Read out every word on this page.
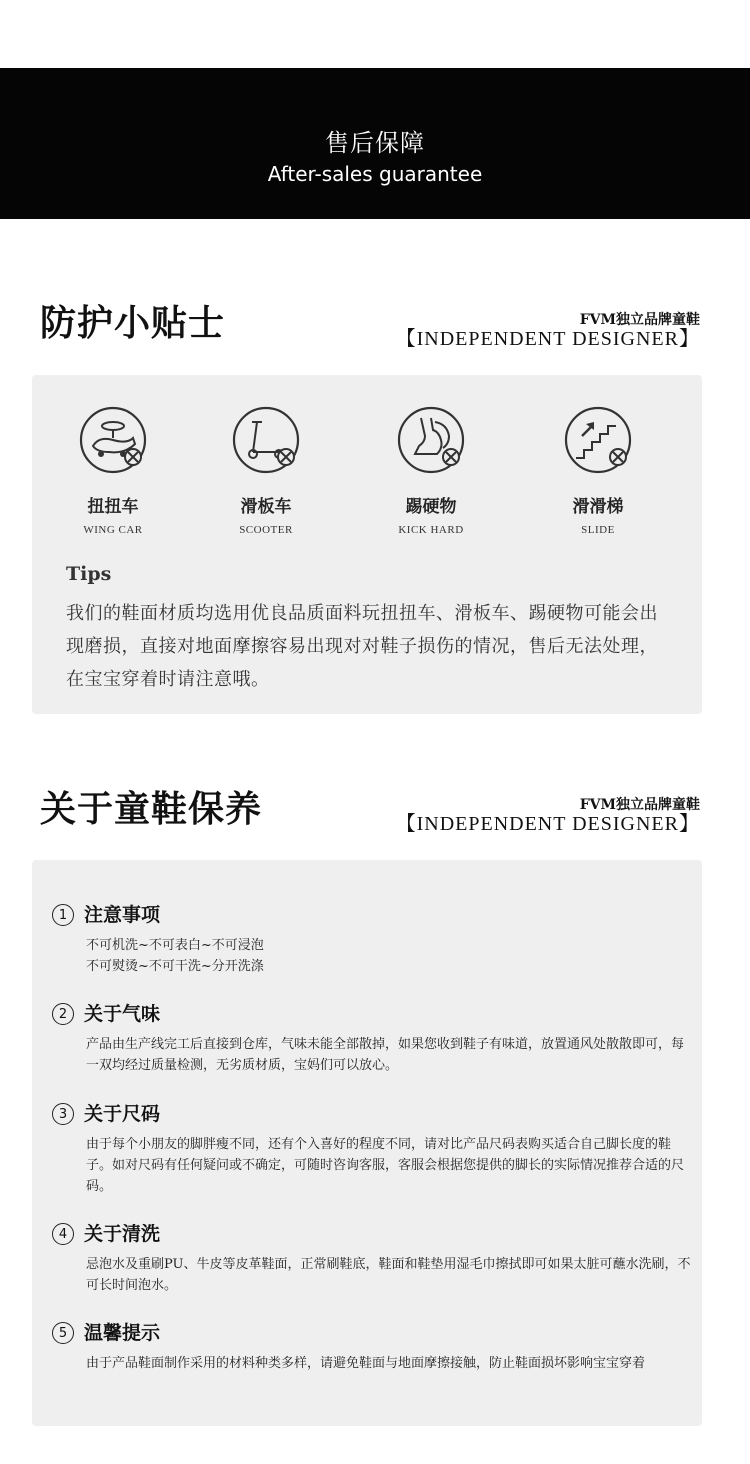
售后保障
After-sales guarantee
防护小贴士	FVM独立品牌童鞋
【INDEPENDENT DESIGNER】
扭扭车
WING CAR
滑板车
SCOOTER
踢硬物
KICK HARD
滑滑梯
SLIDE
Tips
我们的鞋面材质均选用优良品质面料玩扭扭车、滑板车、踢硬物可能会出现磨损，直接对地面摩擦容易出现对对鞋子损伤的情况，售后无法处理，在宝宝穿着时请注意哦。
关于童鞋保养	FVM独立品牌童鞋
【INDEPENDENT DESIGNER】
1 注意事项
不可机洗~不可表白~不可浸泡
不可熨烫~不可干洗~分开洗涤
2 关于气味
产品由生产线完工后直接到仓库，气味未能全部散掉，如果您收到鞋子有味道，放置通风处散散即可，每一双均经过质量检测，无劣质材质，宝妈们可以放心。
3 关于尺码
由于每个小朋友的脚胖瘦不同，还有个入喜好的程度不同，请对比产品尺码表购买适合自己脚长度的鞋子。如对尺码有任何疑问或不确定，可随时咨询客服，客服会根据您提供的脚长的实际情况推荐合适的尺码。
4 关于清洗
忌泡水及重刷PU、牛皮等皮革鞋面，正常刷鞋底，鞋面和鞋垫用湿毛巾擦拭即可如果太脏可蘸水洗刷，不可长时间泡水。
5 温馨提示
由于产品鞋面制作采用的材料种类多样，请避免鞋面与地面摩擦接触，防止鞋面损坏影响宝宝穿着
